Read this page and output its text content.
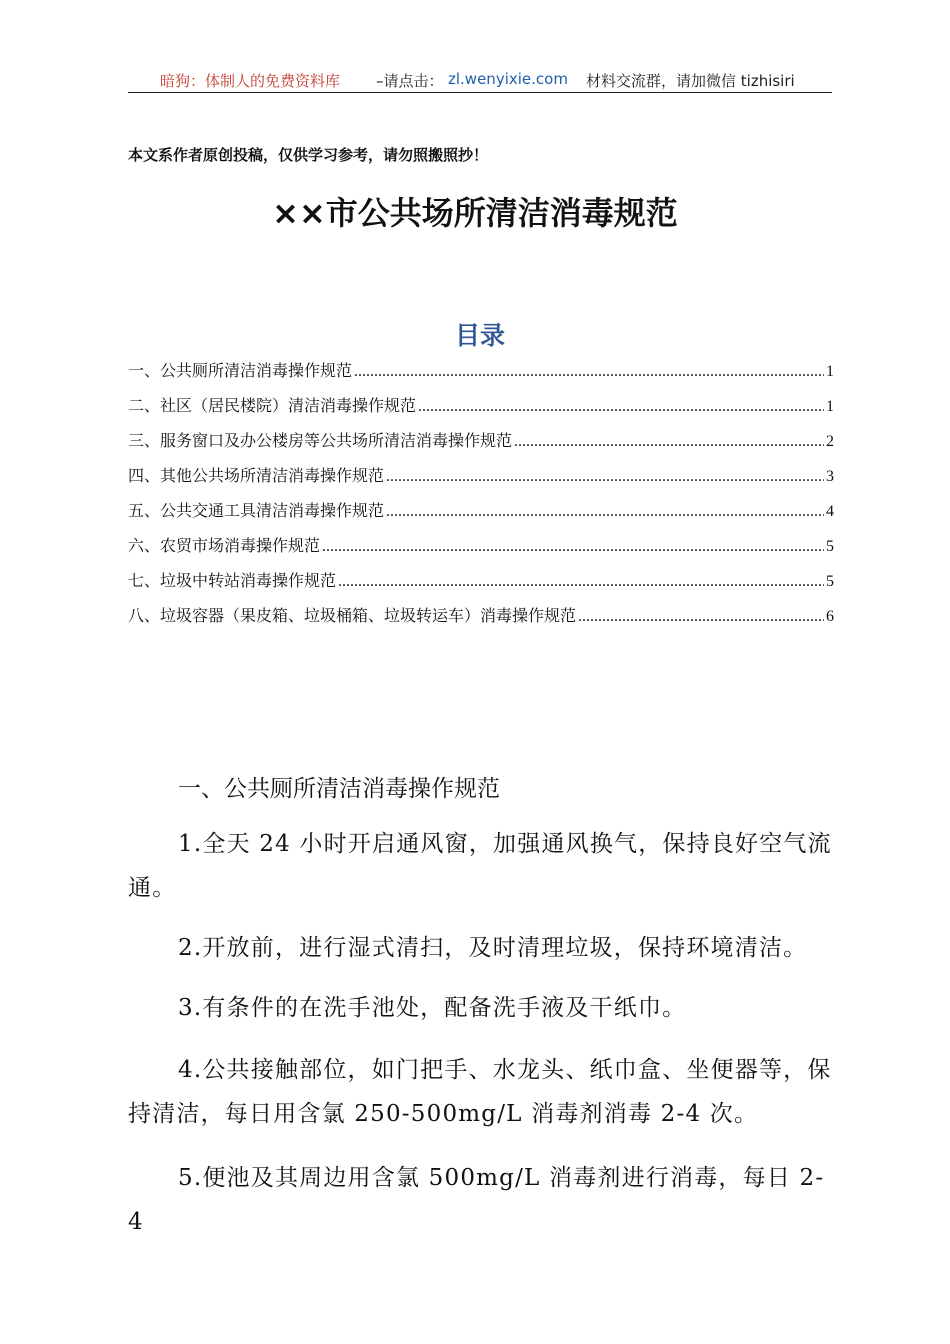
暗狗：体制人的免费资料库 –请点击： zl.wenyixie.com 材料交流群，请加微信 tizhisiri
本文系作者原创投稿，仅供学习参考，请勿照搬照抄！
××市公共场所清洁消毒规范
目录
一、公共厕所清洁消毒操作规范 .....	1
二、社区（居民楼院）清洁消毒操作规范 .....	1
三、服务窗口及办公楼房等公共场所清洁消毒操作规范 .....	2
四、其他公共场所清洁消毒操作规范 .....	3
五、公共交通工具清洁消毒操作规范 .....	4
六、农贸市场消毒操作规范 .....	5
七、垃圾中转站消毒操作规范 .....	5
八、垃圾容器（果皮箱、垃圾桶箱、垃圾转运车）消毒操作规范 .....	6
一、公共厕所清洁消毒操作规范
1.全天 24 小时开启通风窗，加强通风换气，保持良好空气流通。
2.开放前，进行湿式清扫，及时清理垃圾，保持环境清洁。
3.有条件的在洗手池处，配备洗手液及干纸巾。
4.公共接触部位，如门把手、水龙头、纸巾盒、坐便器等，保持清洁，每日用含氯 250-500mg/L 消毒剂消毒 2-4 次。
5.便池及其周边用含氯 500mg/L 消毒剂进行消毒，每日 2-4
